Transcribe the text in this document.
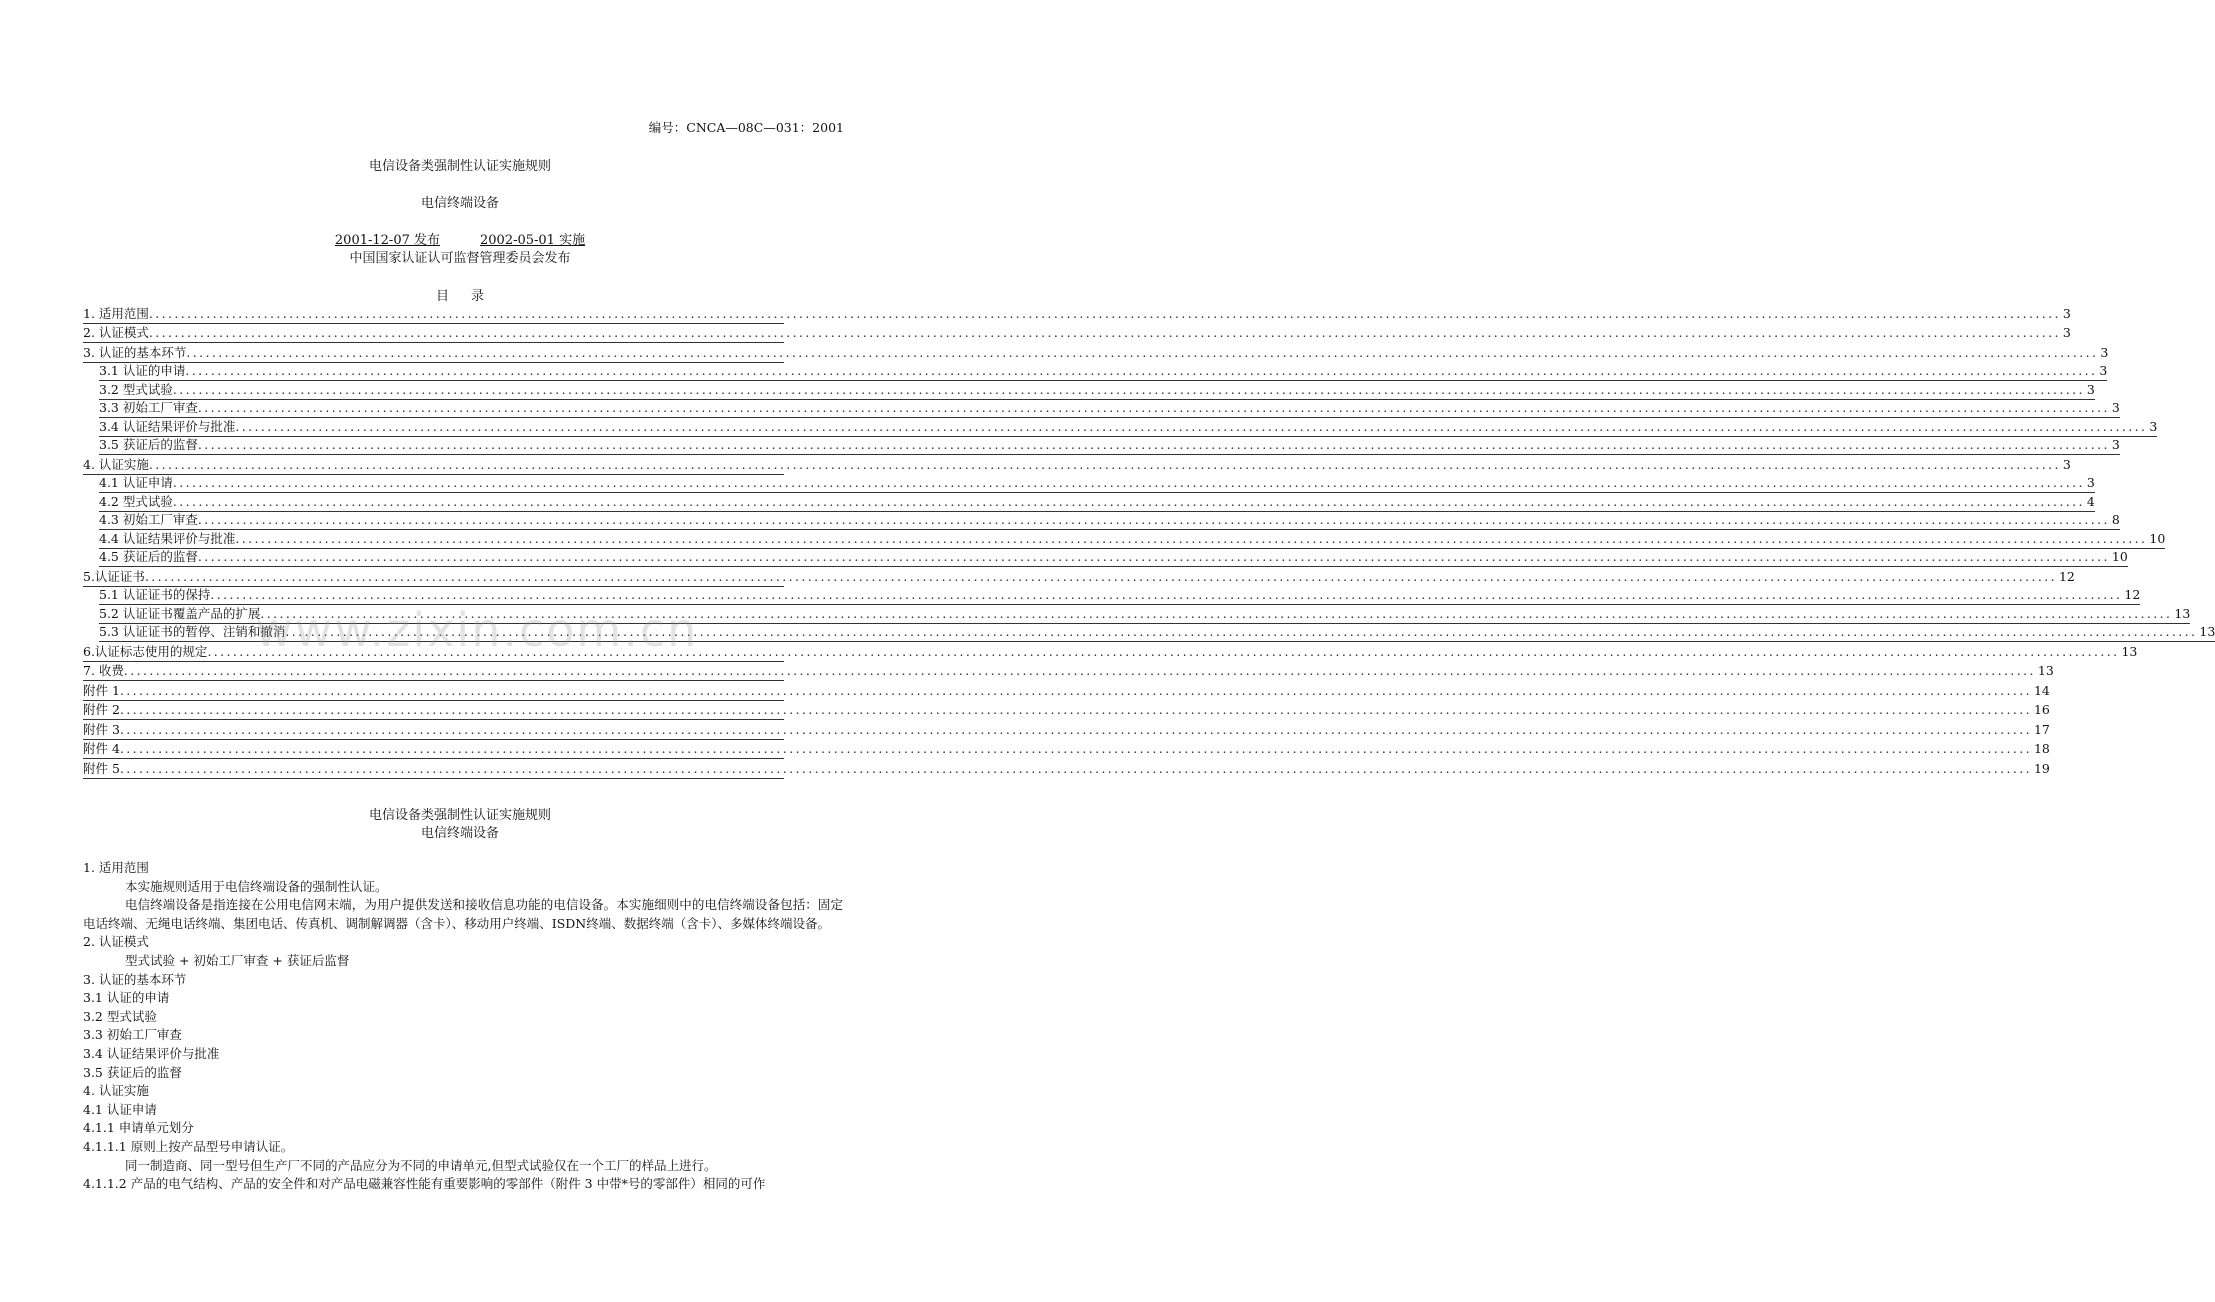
编号：CNCA—08C—031：2001
电信设备类强制性认证实施规则
电信终端设备
2001-12-07 发布	2002-05-01 实施
中国国家认证认可监督管理委员会发布
目录
1. 适用范围 ............................................................................................................................................................................................................................................................................................................ 3
2. 认证模式 ............................................................................................................................................................................................................................................................................................................ 3
3. 认证的基本环节 ............................................................................................................................................................................................................................................................................................................ 3
3.1 认证的申请 ............................................................................................................................................................................................................................................................................................................ 3
3.2 型式试验 ............................................................................................................................................................................................................................................................................................................ 3
3.3 初始工厂审查 ............................................................................................................................................................................................................................................................................................................ 3
3.4 认证结果评价与批准 ............................................................................................................................................................................................................................................................................................................ 3
3.5 获证后的监督 ............................................................................................................................................................................................................................................................................................................ 3
4. 认证实施 ............................................................................................................................................................................................................................................................................................................ 3
4.1 认证申请 ............................................................................................................................................................................................................................................................................................................ 3
4.2 型式试验 ............................................................................................................................................................................................................................................................................................................ 4
4.3 初始工厂审查 ............................................................................................................................................................................................................................................................................................................ 8
4.4 认证结果评价与批准 ............................................................................................................................................................................................................................................................................................................ 10
4.5 获证后的监督 ............................................................................................................................................................................................................................................................................................................ 10
5.认证证书 ............................................................................................................................................................................................................................................................................................................ 12
5.1 认证证书的保持 ............................................................................................................................................................................................................................................................................................................ 12
5.2 认证证书覆盖产品的扩展 ............................................................................................................................................................................................................................................................................................................ 13
5.3 认证证书的暂停、注销和撤消 ............................................................................................................................................................................................................................................................................................................ 13
6.认证标志使用的规定 ............................................................................................................................................................................................................................................................................................................ 13
7. 收费 ............................................................................................................................................................................................................................................................................................................ 13
附件 1 ............................................................................................................................................................................................................................................................................................................ 14
附件 2 ............................................................................................................................................................................................................................................................................................................ 16
附件 3 ............................................................................................................................................................................................................................................................................................................ 17
附件 4 ............................................................................................................................................................................................................................................................................................................ 18
附件 5 ............................................................................................................................................................................................................................................................................................................ 19
www.zixin.com.cn
电信设备类强制性认证实施规则
电信终端设备

1. 适用范围

本实施规则适用于电信终端设备的强制性认证。

电信终端设备是指连接在公用电信网末端，为用户提供发送和接收信息功能的电信设备。本实施细则中的电信终端设备包括：固定电话终端、无绳电话终端、集团电话、传真机、调制解调器（含卡）、移动用户终端、ISDN终端、数据终端（含卡）、多媒体终端设备。

2. 认证模式

型式试验 + 初始工厂审查 + 获证后监督

3. 认证的基本环节

3.1 认证的申请

3.2 型式试验

3.3 初始工厂审查

3.4 认证结果评价与批准

3.5 获证后的监督

4. 认证实施

4.1 认证申请

4.1.1 申请单元划分

4.1.1.1 原则上按产品型号申请认证。

同一制造商、同一型号但生产厂不同的产品应分为不同的申请单元,但型式试验仅在一个工厂的样品上进行。

4.1.1.2 产品的电气结构、产品的安全件和对产品电磁兼容性能有重要影响的零部件（附件 3 中带*号的零部件）相同的可作
